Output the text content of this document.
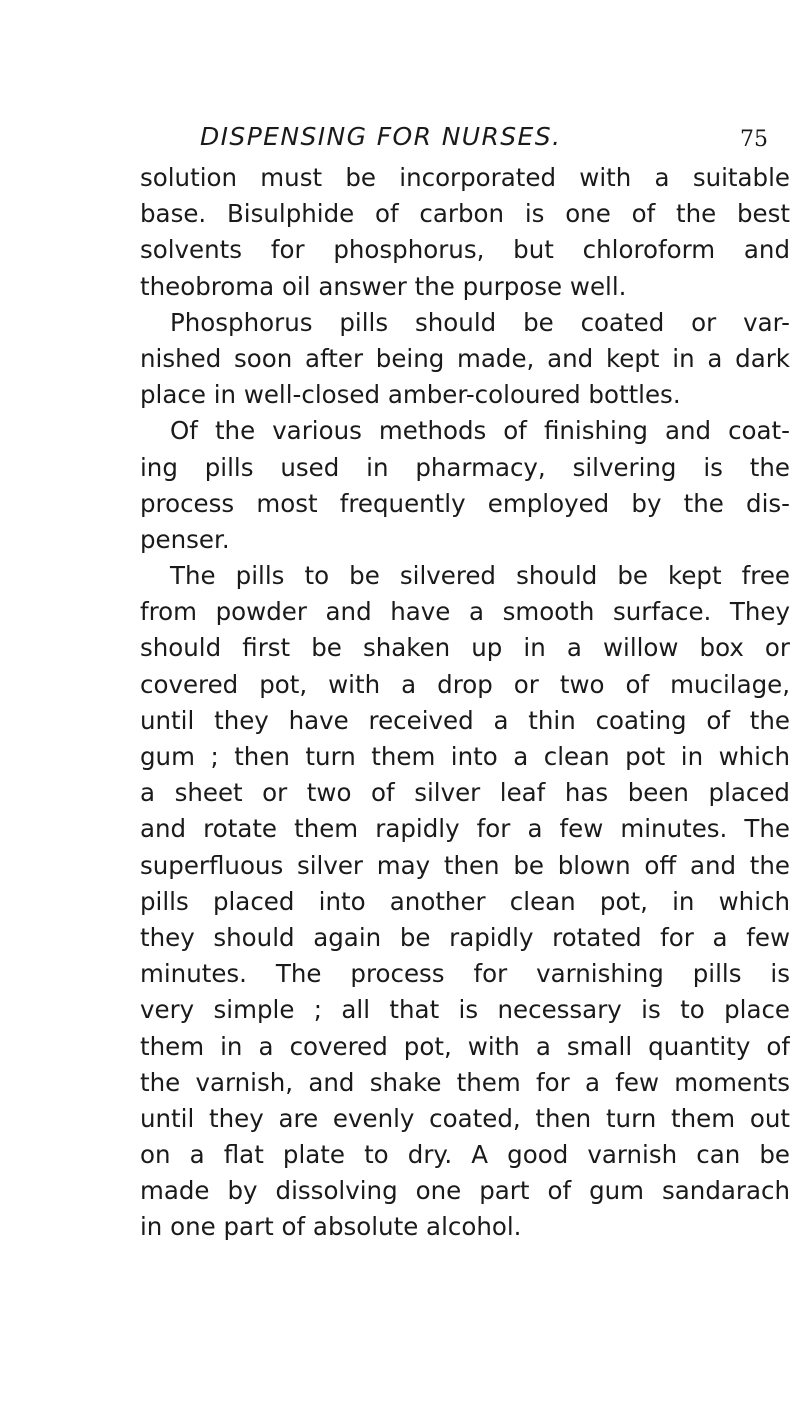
DISPENSING FOR NURSES.	75
solution must be incorporated with a suitable
base. Bisulphide of carbon is one of the best
solvents for phosphorus, but chloroform and
theobroma oil answer the purpose well.
Phosphorus pills should be coated or var-
nished soon after being made, and kept in a dark
place in well-closed amber-coloured bottles.
Of the various methods of finishing and coat-
ing pills used in pharmacy, silvering is the
process most frequently employed by the dis-
penser.
The pills to be silvered should be kept free
from powder and have a smooth surface. They
should first be shaken up in a willow box or
covered pot, with a drop or two of mucilage,
until they have received a thin coating of the
gum ; then turn them into a clean pot in which
a sheet or two of silver leaf has been placed
and rotate them rapidly for a few minutes. The
superfluous silver may then be blown off and the
pills placed into another clean pot, in which
they should again be rapidly rotated for a few
minutes. The process for varnishing pills is
very simple ; all that is necessary is to place
them in a covered pot, with a small quantity of
the varnish, and shake them for a few moments
until they are evenly coated, then turn them out
on a flat plate to dry. A good varnish can be
made by dissolving one part of gum sandarach
in one part of absolute alcohol.
